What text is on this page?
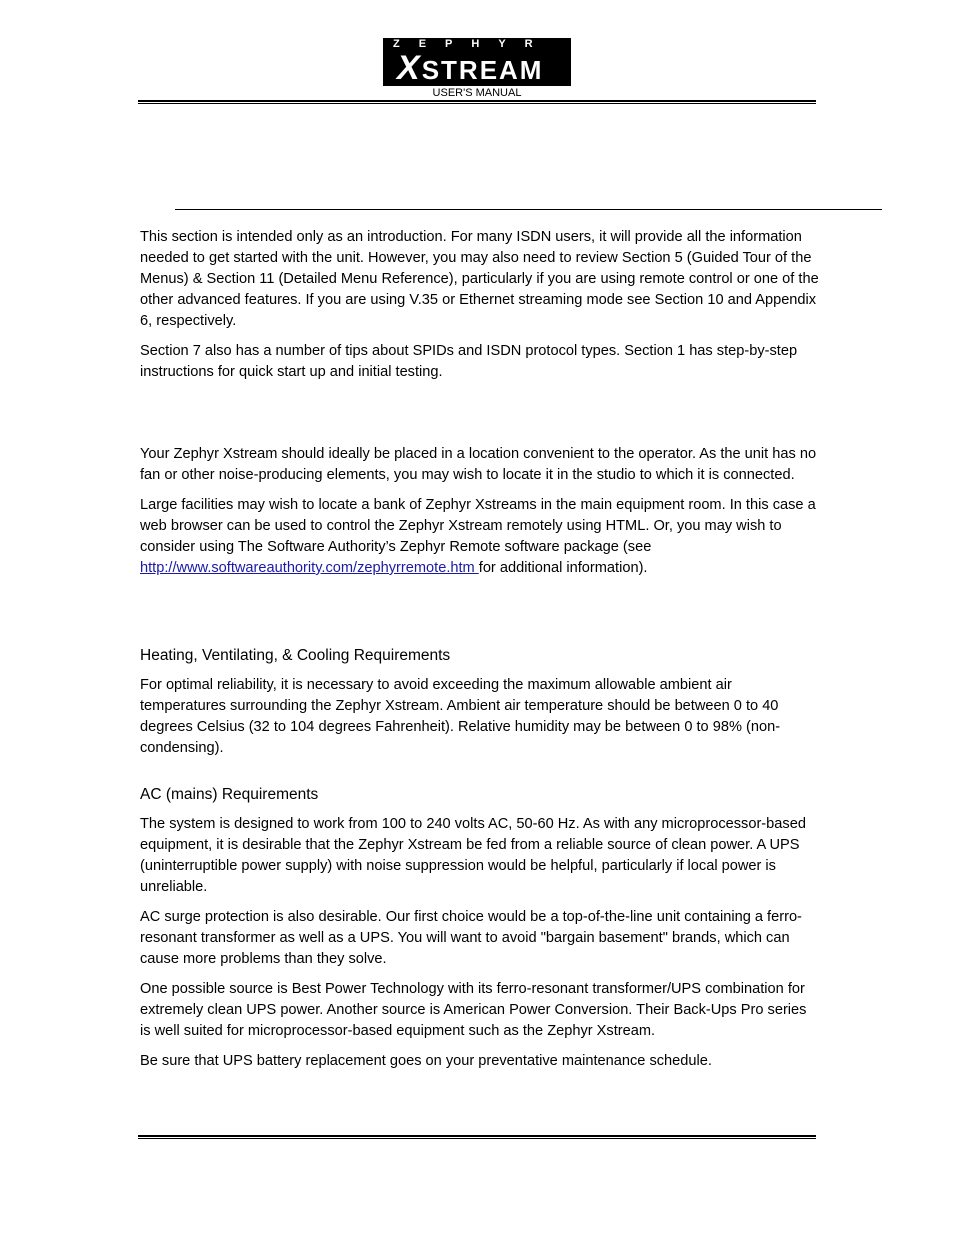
ZEPHYR
XSTREAM
USER'S MANUAL

This section is intended only as an introduction. For many ISDN users, it will provide all the information needed to get started with the unit. However, you may also need to review Section 5 (Guided Tour of the Menus) & Section 11 (Detailed Menu Reference), particularly if you are using remote control or one of the other advanced features. If you are using V.35 or Ethernet streaming mode see Section 10 and Appendix 6, respectively.

Section 7 also has a number of tips about SPIDs and ISDN protocol types. Section 1 has step-by-step instructions for quick start up and initial testing.

Your Zephyr Xstream should ideally be placed in a location convenient to the operator. As the unit has no fan or other noise-producing elements, you may wish to locate it in the studio to which it is connected.

Large facilities may wish to locate a bank of Zephyr Xstreams in the main equipment room. In this case a web browser can be used to control the Zephyr Xstream remotely using HTML. Or, you may wish to consider using The Software Authority’s Zephyr Remote software package (see http://www.softwareauthority.com/zephyrremote.htm for additional information).

Heating, Ventilating, & Cooling Requirements

For optimal reliability, it is necessary to avoid exceeding the maximum allowable ambient air temperatures surrounding the Zephyr Xstream. Ambient air temperature should be between 0 to 40 degrees Celsius (32 to 104 degrees Fahrenheit). Relative humidity may be between 0 to 98% (non-condensing).

AC (mains) Requirements

The system is designed to work from 100 to 240 volts AC, 50-60 Hz. As with any microprocessor-based equipment, it is desirable that the Zephyr Xstream be fed from a reliable source of clean power. A UPS (uninterruptible power supply) with noise suppression would be helpful, particularly if local power is unreliable.

AC surge protection is also desirable. Our first choice would be a top-of-the-line unit containing a ferro-resonant transformer as well as a UPS. You will want to avoid "bargain basement" brands, which can cause more problems than they solve.

One possible source is Best Power Technology with its ferro-resonant transformer/UPS combination for extremely clean UPS power. Another source is American Power Conversion. Their Back-Ups Pro series is well suited for microprocessor-based equipment such as the Zephyr Xstream.

Be sure that UPS battery replacement goes on your preventative maintenance schedule.
